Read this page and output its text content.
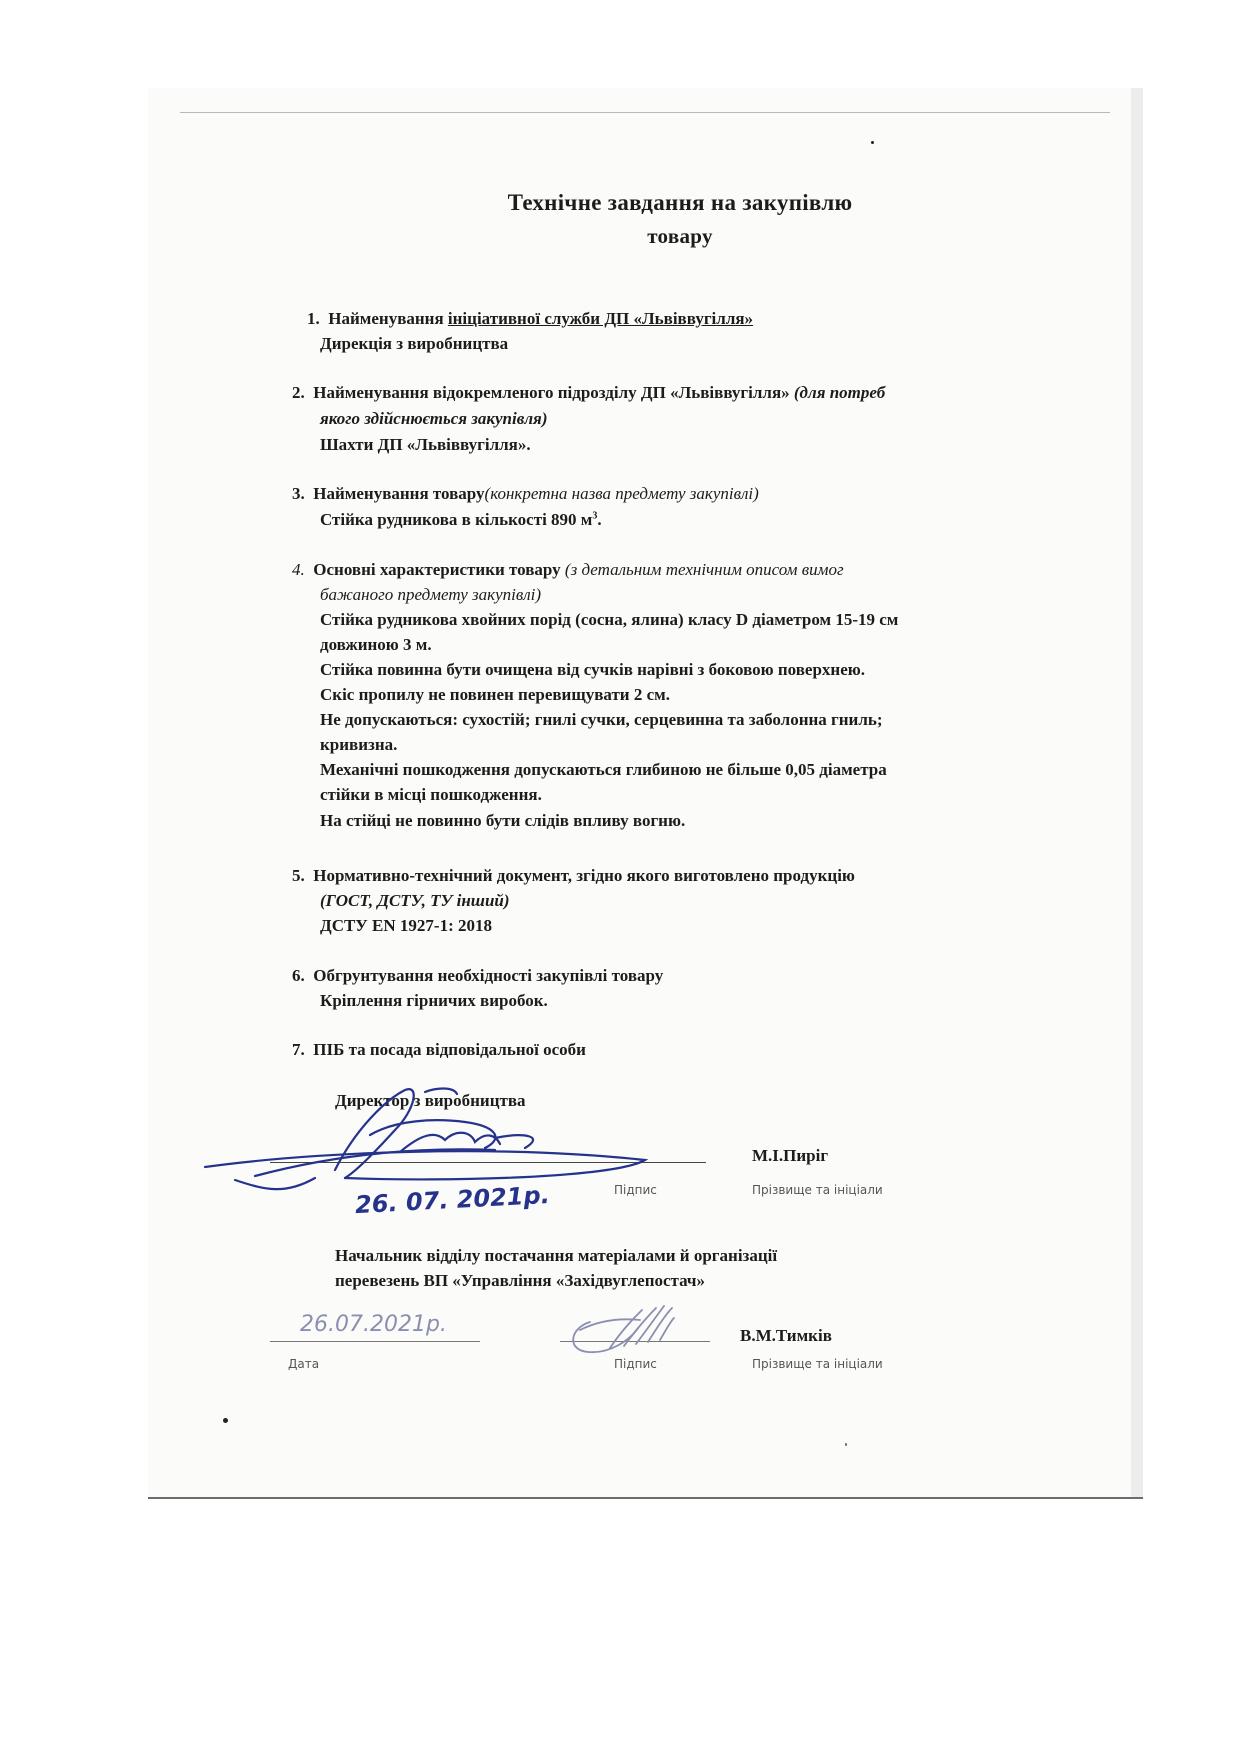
Технічне завдання на закупівлю
товару
1. Найменування ініціативної служби ДП «Львіввугілля»
Дирекція з виробництва
2. Найменування відокремленого підрозділу ДП «Львіввугілля» (для потреб
якого здійснюється закупівля)
Шахти ДП «Львіввугілля».
3. Найменування товару(конкретна назва предмету закупівлі)
Стійка рудникова в кількості 890 $м^3$.
4. Основні характеристики товару (з детальним технічним описом вимог
бажаного предмету закупівлі)
Стійка рудникова хвойних порід (сосна, ялина) класу D діаметром 15-19 см
довжиною 3 м.
Стійка повинна бути очищена від сучків нарівні з боковою поверхнею.
Скіс пропилу не повинен перевищувати 2 см.
Не допускаються: сухостій; гнилі сучки, серцевинна та заболонна гниль;
кривизна.
Механічні пошкодження допускаються глибиною не більше 0,05 діаметра
стійки в місці пошкодження.
На стійці не повинно бути слідів впливу вогню.
5. Нормативно-технічний документ, згідно якого виготовлено продукцію
(ГОСТ, ДСТУ, ТУ інший)
ДСТУ EN 1927-1: 2018
6. Обгрунтування необхідності закупівлі товару
Кріплення гірничих виробок.
7. ПІБ та посада відповідальної особи
Директор з виробництва
М.І.Пиріг
Підпис	Прізвище та ініціали
26. 07. 2021р.
Начальник відділу постачання матеріалами й організації
перевезень ВП «Управління «Західвуглепостач»
26.07.2021р.	В.М.Тимків
Дата	Підпис	Прізвище та ініціали
